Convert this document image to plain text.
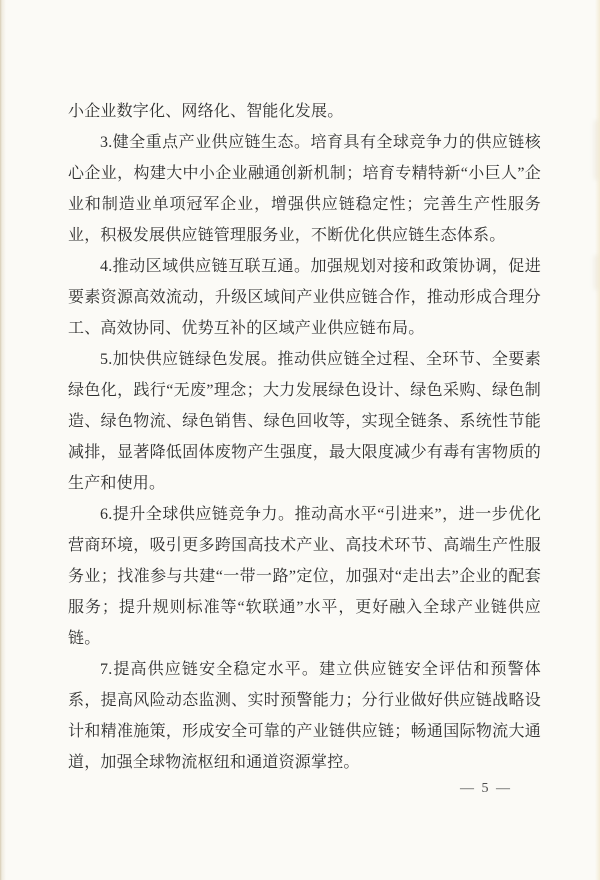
小企业数字化、网络化、智能化发展。

3.健全重点产业供应链生态。培育具有全球竞争力的供应链核心企业，构建大中小企业融通创新机制；培育专精特新“小巨人”企业和制造业单项冠军企业，增强供应链稳定性；完善生产性服务业，积极发展供应链管理服务业，不断优化供应链生态体系。

4.推动区域供应链互联互通。加强规划对接和政策协调，促进要素资源高效流动，升级区域间产业供应链合作，推动形成合理分工、高效协同、优势互补的区域产业供应链布局。

5.加快供应链绿色发展。推动供应链全过程、全环节、全要素绿色化，践行“无废”理念；大力发展绿色设计、绿色采购、绿色制造、绿色物流、绿色销售、绿色回收等，实现全链条、系统性节能减排，显著降低固体废物产生强度，最大限度减少有毒有害物质的生产和使用。

6.提升全球供应链竞争力。推动高水平“引进来”，进一步优化营商环境，吸引更多跨国高技术产业、高技术环节、高端生产性服务业；找准参与共建“一带一路”定位，加强对“走出去”企业的配套服务；提升规则标准等“软联通”水平，更好融入全球产业链供应链。

7.提高供应链安全稳定水平。建立供应链安全评估和预警体系，提高风险动态监测、实时预警能力；分行业做好供应链战略设计和精准施策，形成安全可靠的产业链供应链；畅通国际物流大通道，加强全球物流枢纽和通道资源掌控。

— 5 —
